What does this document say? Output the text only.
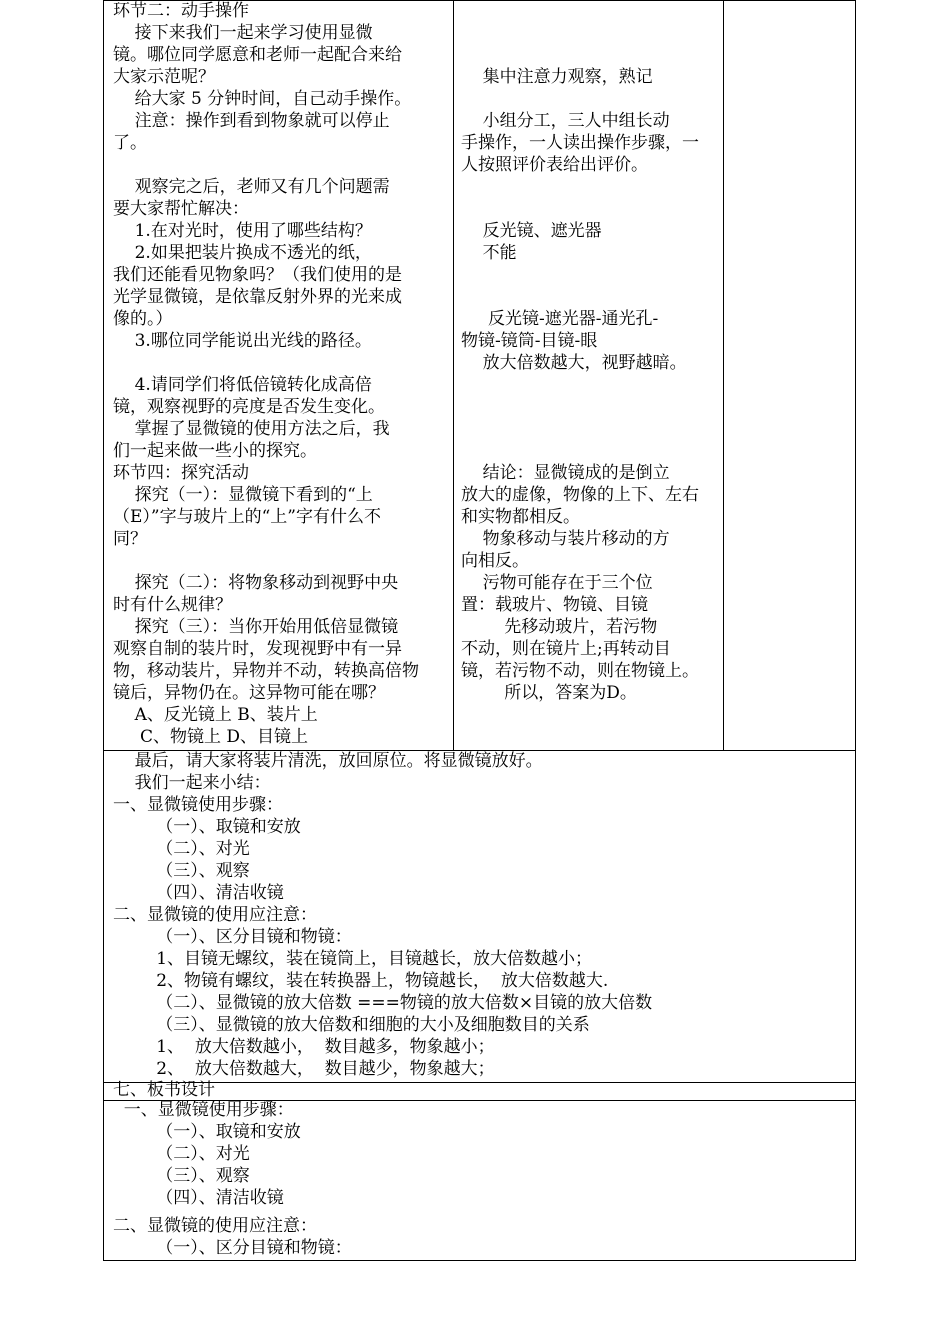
环节二：动手操作
接下来我们一起来学习使用显微
镜。哪位同学愿意和老师一起配合来给
大家示范呢？
给大家 5 分钟时间，自己动手操作。
注意：操作到看到物象就可以停止
了。
观察完之后，老师又有几个问题需
要大家帮忙解决：
1.在对光时，使用了哪些结构？
2.如果把装片换成不透光的纸，
我们还能看见物象吗？（我们使用的是
光学显微镜，是依靠反射外界的光来成
像的。）
3.哪位同学能说出光线的路径。
4.请同学们将低倍镜转化成高倍
镜，观察视野的亮度是否发生变化。
掌握了显微镜的使用方法之后，我
们一起来做一些小的探究。
环节四：探究活动
探究（一）：显微镜下看到的“上
（E）”字与玻片上的“上”字有什么不
同？
探究（二）：将物象移动到视野中央
时有什么规律？
探究（三）：当你开始用低倍显微镜
观察自制的装片时，发现视野中有一异
物，移动装片，异物并不动，转换高倍物
镜后，异物仍在。这异物可能在哪？
A、反光镜上 B、装片上
C、物镜上 D、目镜上
集中注意力观察，熟记
小组分工，三人中组长动
手操作，一人读出操作步骤，一
人按照评价表给出评价。
反光镜、遮光器
不能
反光镜-遮光器-通光孔-
物镜-镜筒-目镜-眼
放大倍数越大，视野越暗。
结论：显微镜成的是倒立
放大的虚像，物像的上下、左右
和实物都相反。
物象移动与装片移动的方
向相反。
污物可能存在于三个位
置：载玻片、物镜、目镜
先移动玻片，若污物
不动，则在镜片上;再转动目
镜，若污物不动，则在物镜上。
所以，答案为D。
最后，请大家将装片清洗，放回原位。将显微镜放好。
我们一起来小结：
一、显微镜使用步骤：
（一）、取镜和安放
（二）、对光
（三）、观察
（四）、清洁收镜
二、显微镜的使用应注意：
（一）、区分目镜和物镜：
1、目镜无螺纹，装在镜筒上，目镜越长，放大倍数越小；
2、物镜有螺纹，装在转换器上，物镜越长，  放大倍数越大.
（二）、显微镜的放大倍数 ===物镜的放大倍数×目镜的放大倍数
（三）、显微镜的放大倍数和细胞的大小及细胞数目的关系
1、  放大倍数越小，  数目越多，物象越小；
2、  放大倍数越大，  数目越少，物象越大；
七、板书设计
一、显微镜使用步骤：
（一）、取镜和安放
（二）、对光
（三）、观察
（四）、清洁收镜
二、显微镜的使用应注意：
（一）、区分目镜和物镜：
